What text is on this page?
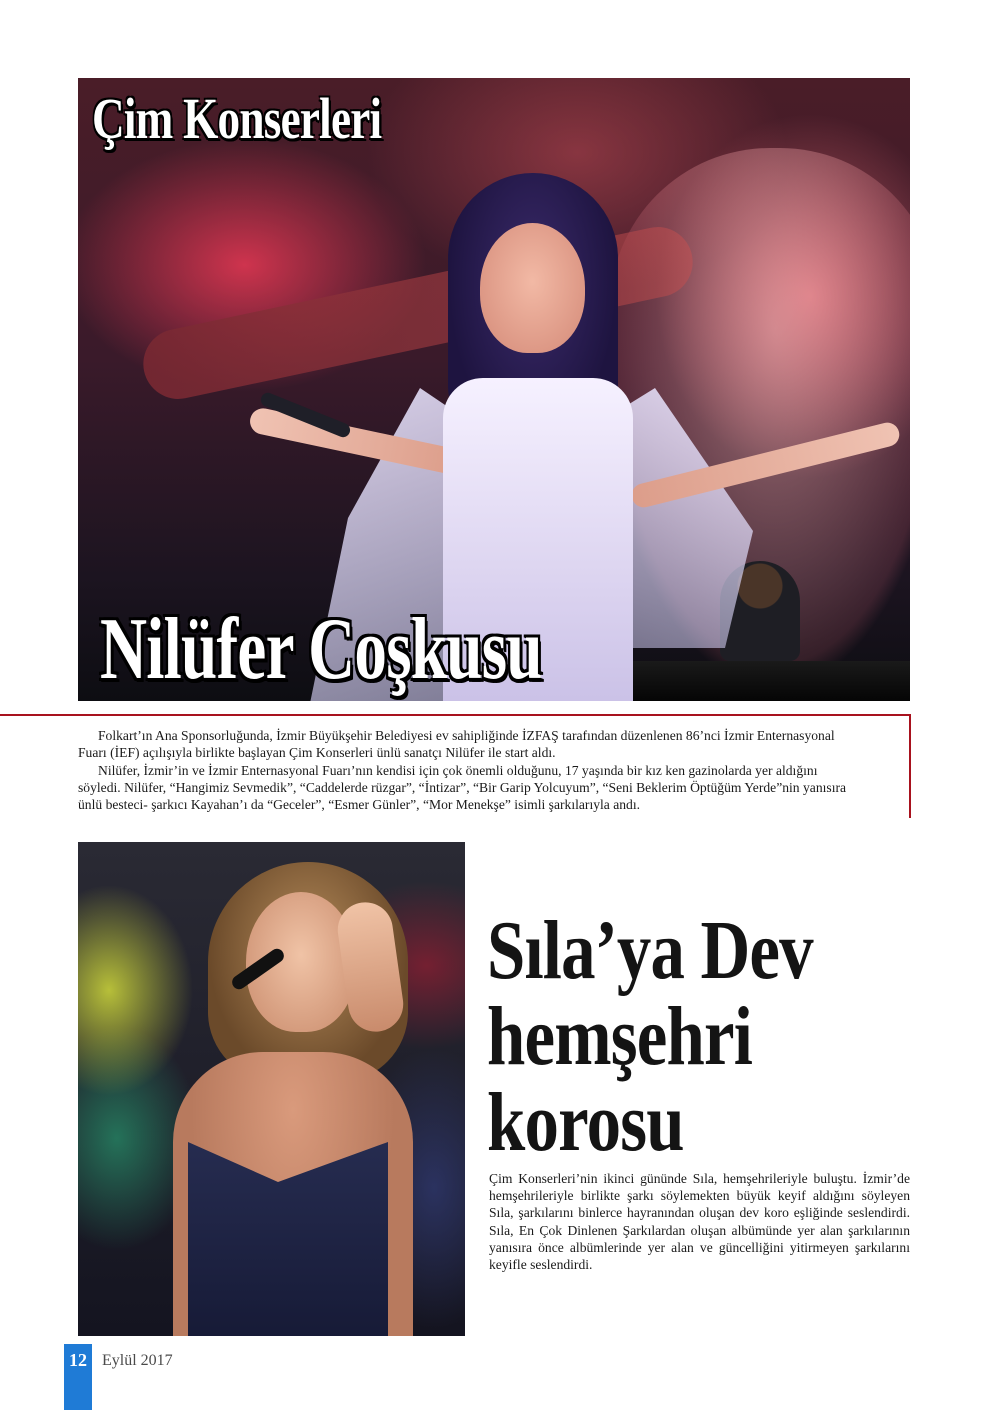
Çim Konserleri
Nilüfer Coşkusu

Folkart’ın Ana Sponsorluğunda, İzmir Büyükşehir Belediyesi ev sahipliğinde İZFAŞ tarafından düzenlenen 86’nci İzmir Enternasyonal Fuarı (İEF) açılışıyla birlikte başlayan Çim Konserleri ünlü sanatçı Nilüfer ile start aldı.

Nilüfer, İzmir’in ve İzmir Enternasyonal Fuarı’nın kendisi için çok önemli olduğunu, 17 yaşında bir kız ken gazinolarda yer aldığını söyledi. Nilüfer, “Hangimiz Sevmedik”, “Caddelerde rüzgar”, “İntizar”, “Bir Garip Yolcuyum”, “Seni Beklerim Öptüğüm Yerde”nin yanısıra ünlü besteci- şarkıcı Kayahan’ı da “Geceler”, “Esmer Günler”, “Mor Menekşe” isimli şarkılarıyla andı.

Sıla’ya Dev
hemşehri
korosu

Çim Konserleri’nin ikinci gününde Sıla, hemşehrileriyle buluştu. İzmir’de hemşehrileriyle birlikte şarkı söylemekten büyük keyif aldığını söyleyen Sıla, şarkılarını binlerce hayranından oluşan dev koro eşliğinde seslendirdi. Sıla, En Çok Dinlenen Şarkılardan oluşan albümünde yer alan şarkılarının yanısıra önce albümlerinde yer alan ve güncelliğini yitirmeyen şarkılarını keyifle seslendirdi.

12 Eylül 2017
